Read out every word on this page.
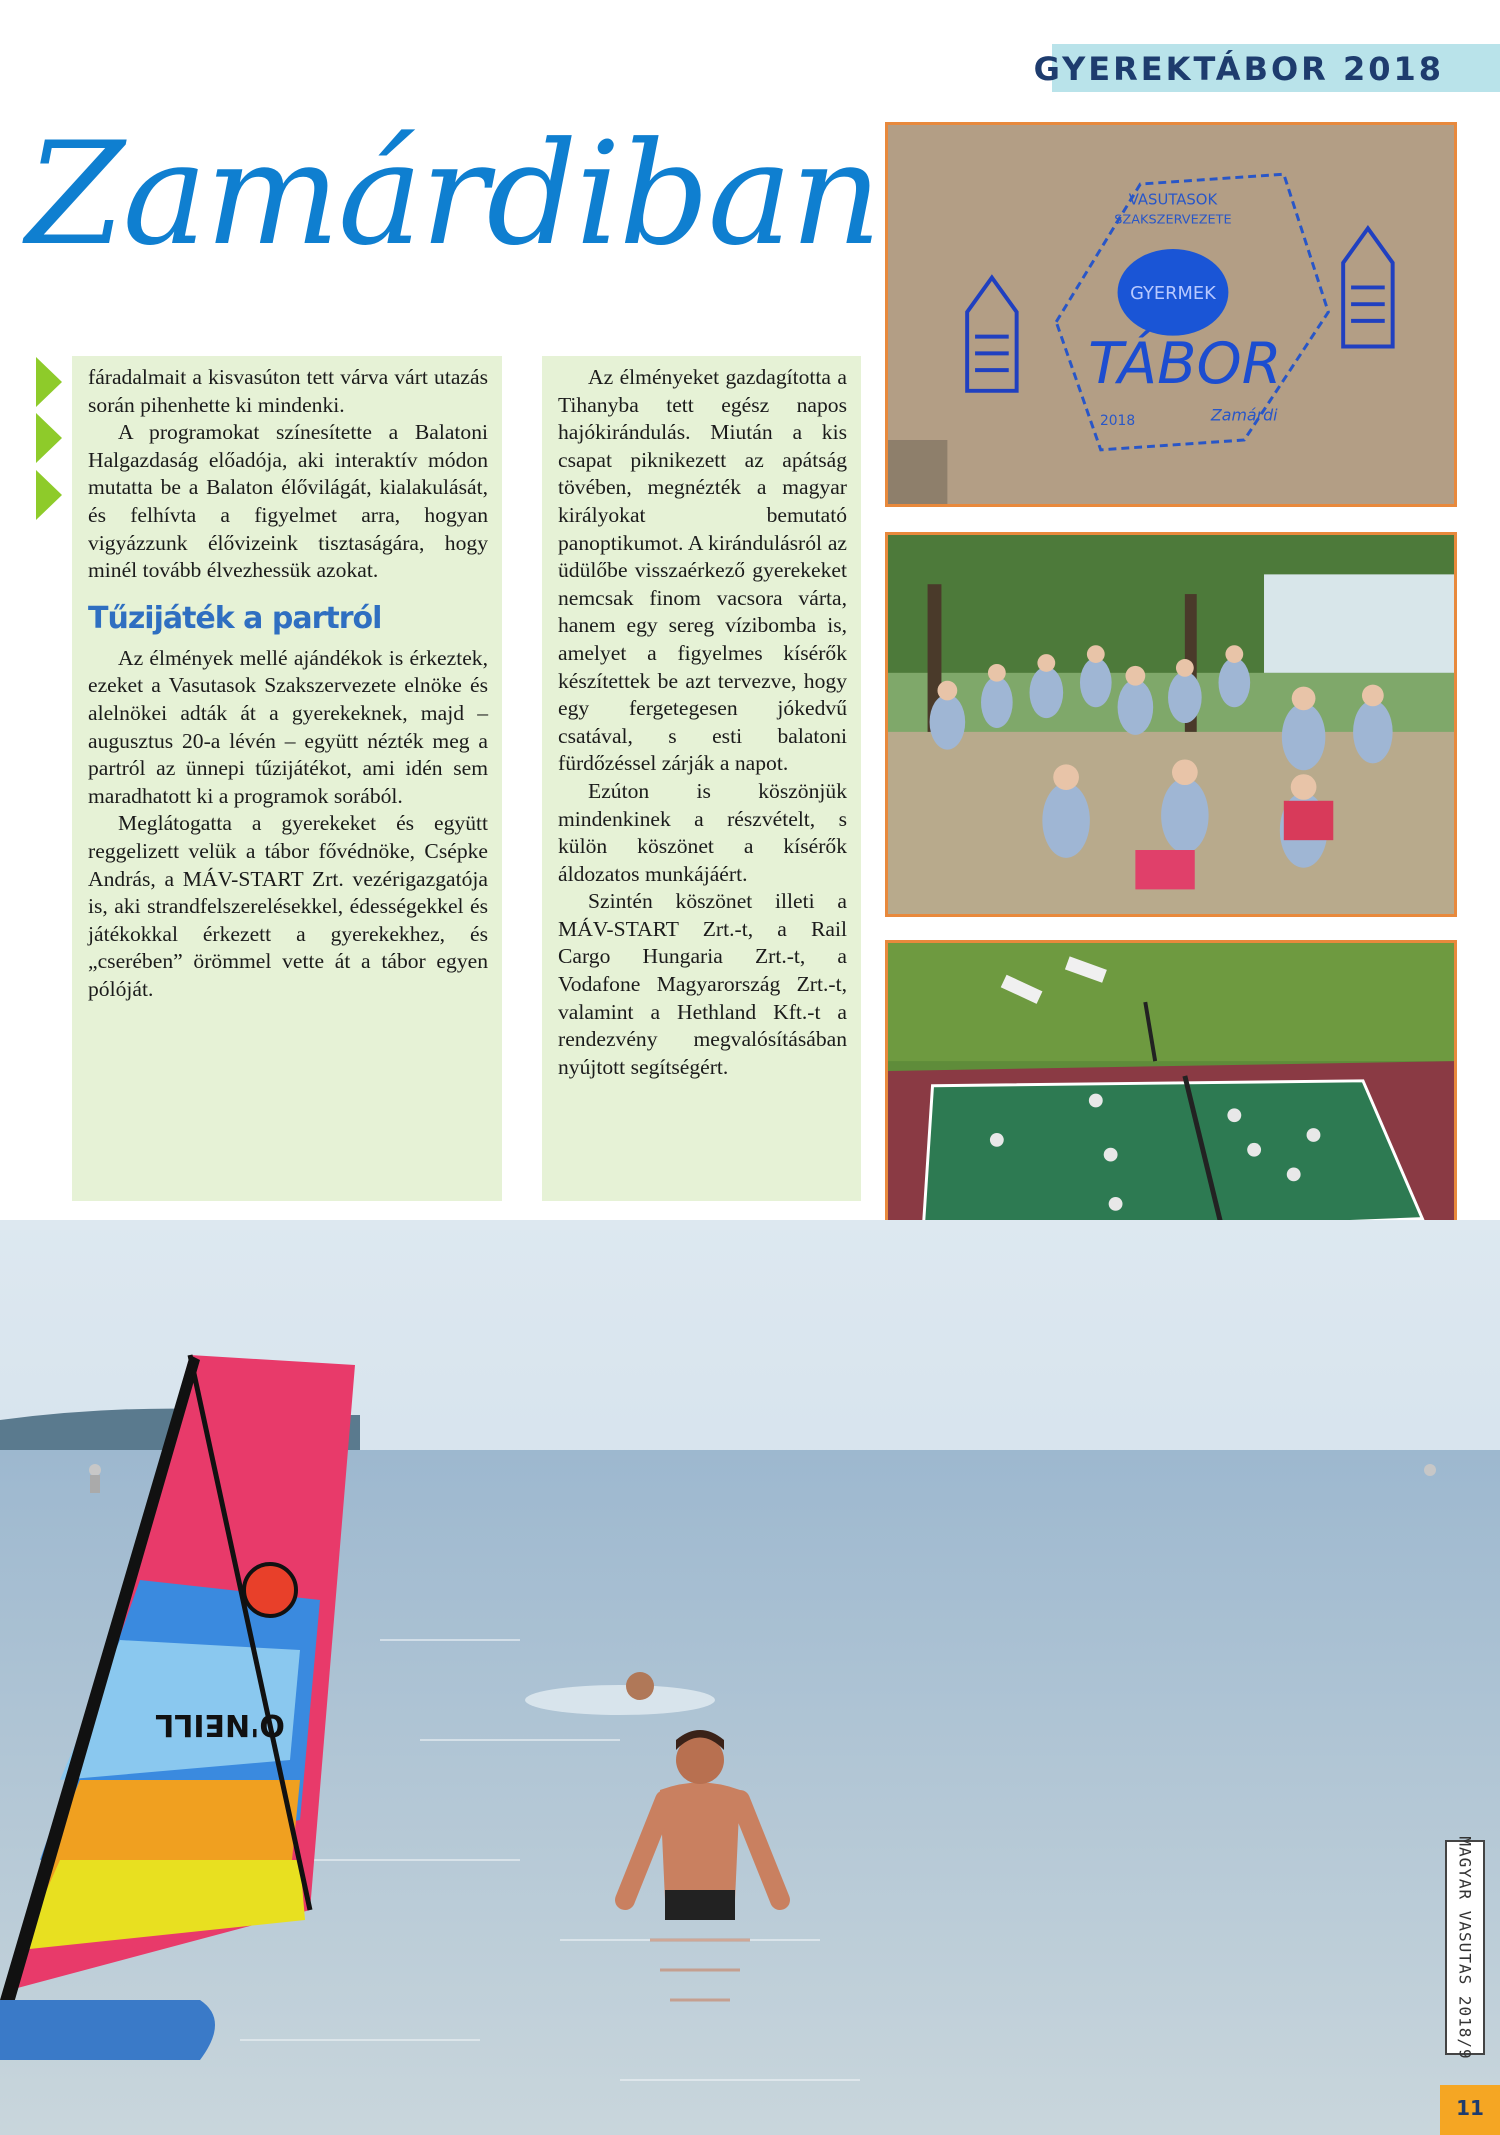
GYEREKTÁBOR 2018
Zamárdiban

fáradalmait a kisvasúton tett várva várt utazás során pihenhette ki mindenki.

A programokat színesítette a Balatoni Halgazdaság előadója, aki interaktív módon mutatta be a Balaton élővilágát, kialakulását, és felhívta a figyelmet arra, hogyan vigyázzunk élővizeink tisztaságára, hogy minél tovább élvezhessük azokat.

Tűzijáték a partról

Az élmények mellé ajándékok is érkeztek, ezeket a Vasutasok Szakszervezete elnöke és alelnökei adták át a gyerekeknek, majd – augusztus 20-a lévén – együtt nézték meg a partról az ünnepi tűzijátékot, ami idén sem maradhatott ki a programok sorából.

Meglátogatta a gyerekeket és együtt reggelizett velük a tábor fővédnöke, Csépke András, a MÁV-START Zrt. vezérigazgatója is, aki strandfelszerelésekkel, édességekkel és játékokkal érkezett a gyerekekhez, és „cserében” örömmel vette át a tábor egyen pólóját.

Az élményeket gazdagította a Tihanyba tett egész napos hajókirándulás. Miután a kis csapat piknikezett az apátság tövében, megnézték a magyar királyokat bemutató panoptikumot. A kirándulásról az üdülőbe visszaérkező gyerekeket nemcsak finom vacsora várta, hanem egy sereg vízibomba is, amelyet a figyelmes kísérők készítettek be azt tervezve, hogy egy fergetegesen jókedvű csatával, s esti balatoni fürdőzéssel zárják a napot.

Ezúton is köszönjük mindenkinek a részvételt, s külön köszönet a kísérők áldozatos munkájáért.

Szintén köszönet illeti a MÁV-START Zrt.-t, a Rail Cargo Hungaria Zrt.-t, a Vodafone Magyarország Zrt.-t, valamint a Hethland Kft.-t a rendezvény megvalósításában nyújtott segítségért.

VASUTASOK
SZAKSZERVEZETE
GYERMEK
TÁBOR
2018	Zamárdi
O'NEILL
MAGYAR VASUTAS 2018/9
11
